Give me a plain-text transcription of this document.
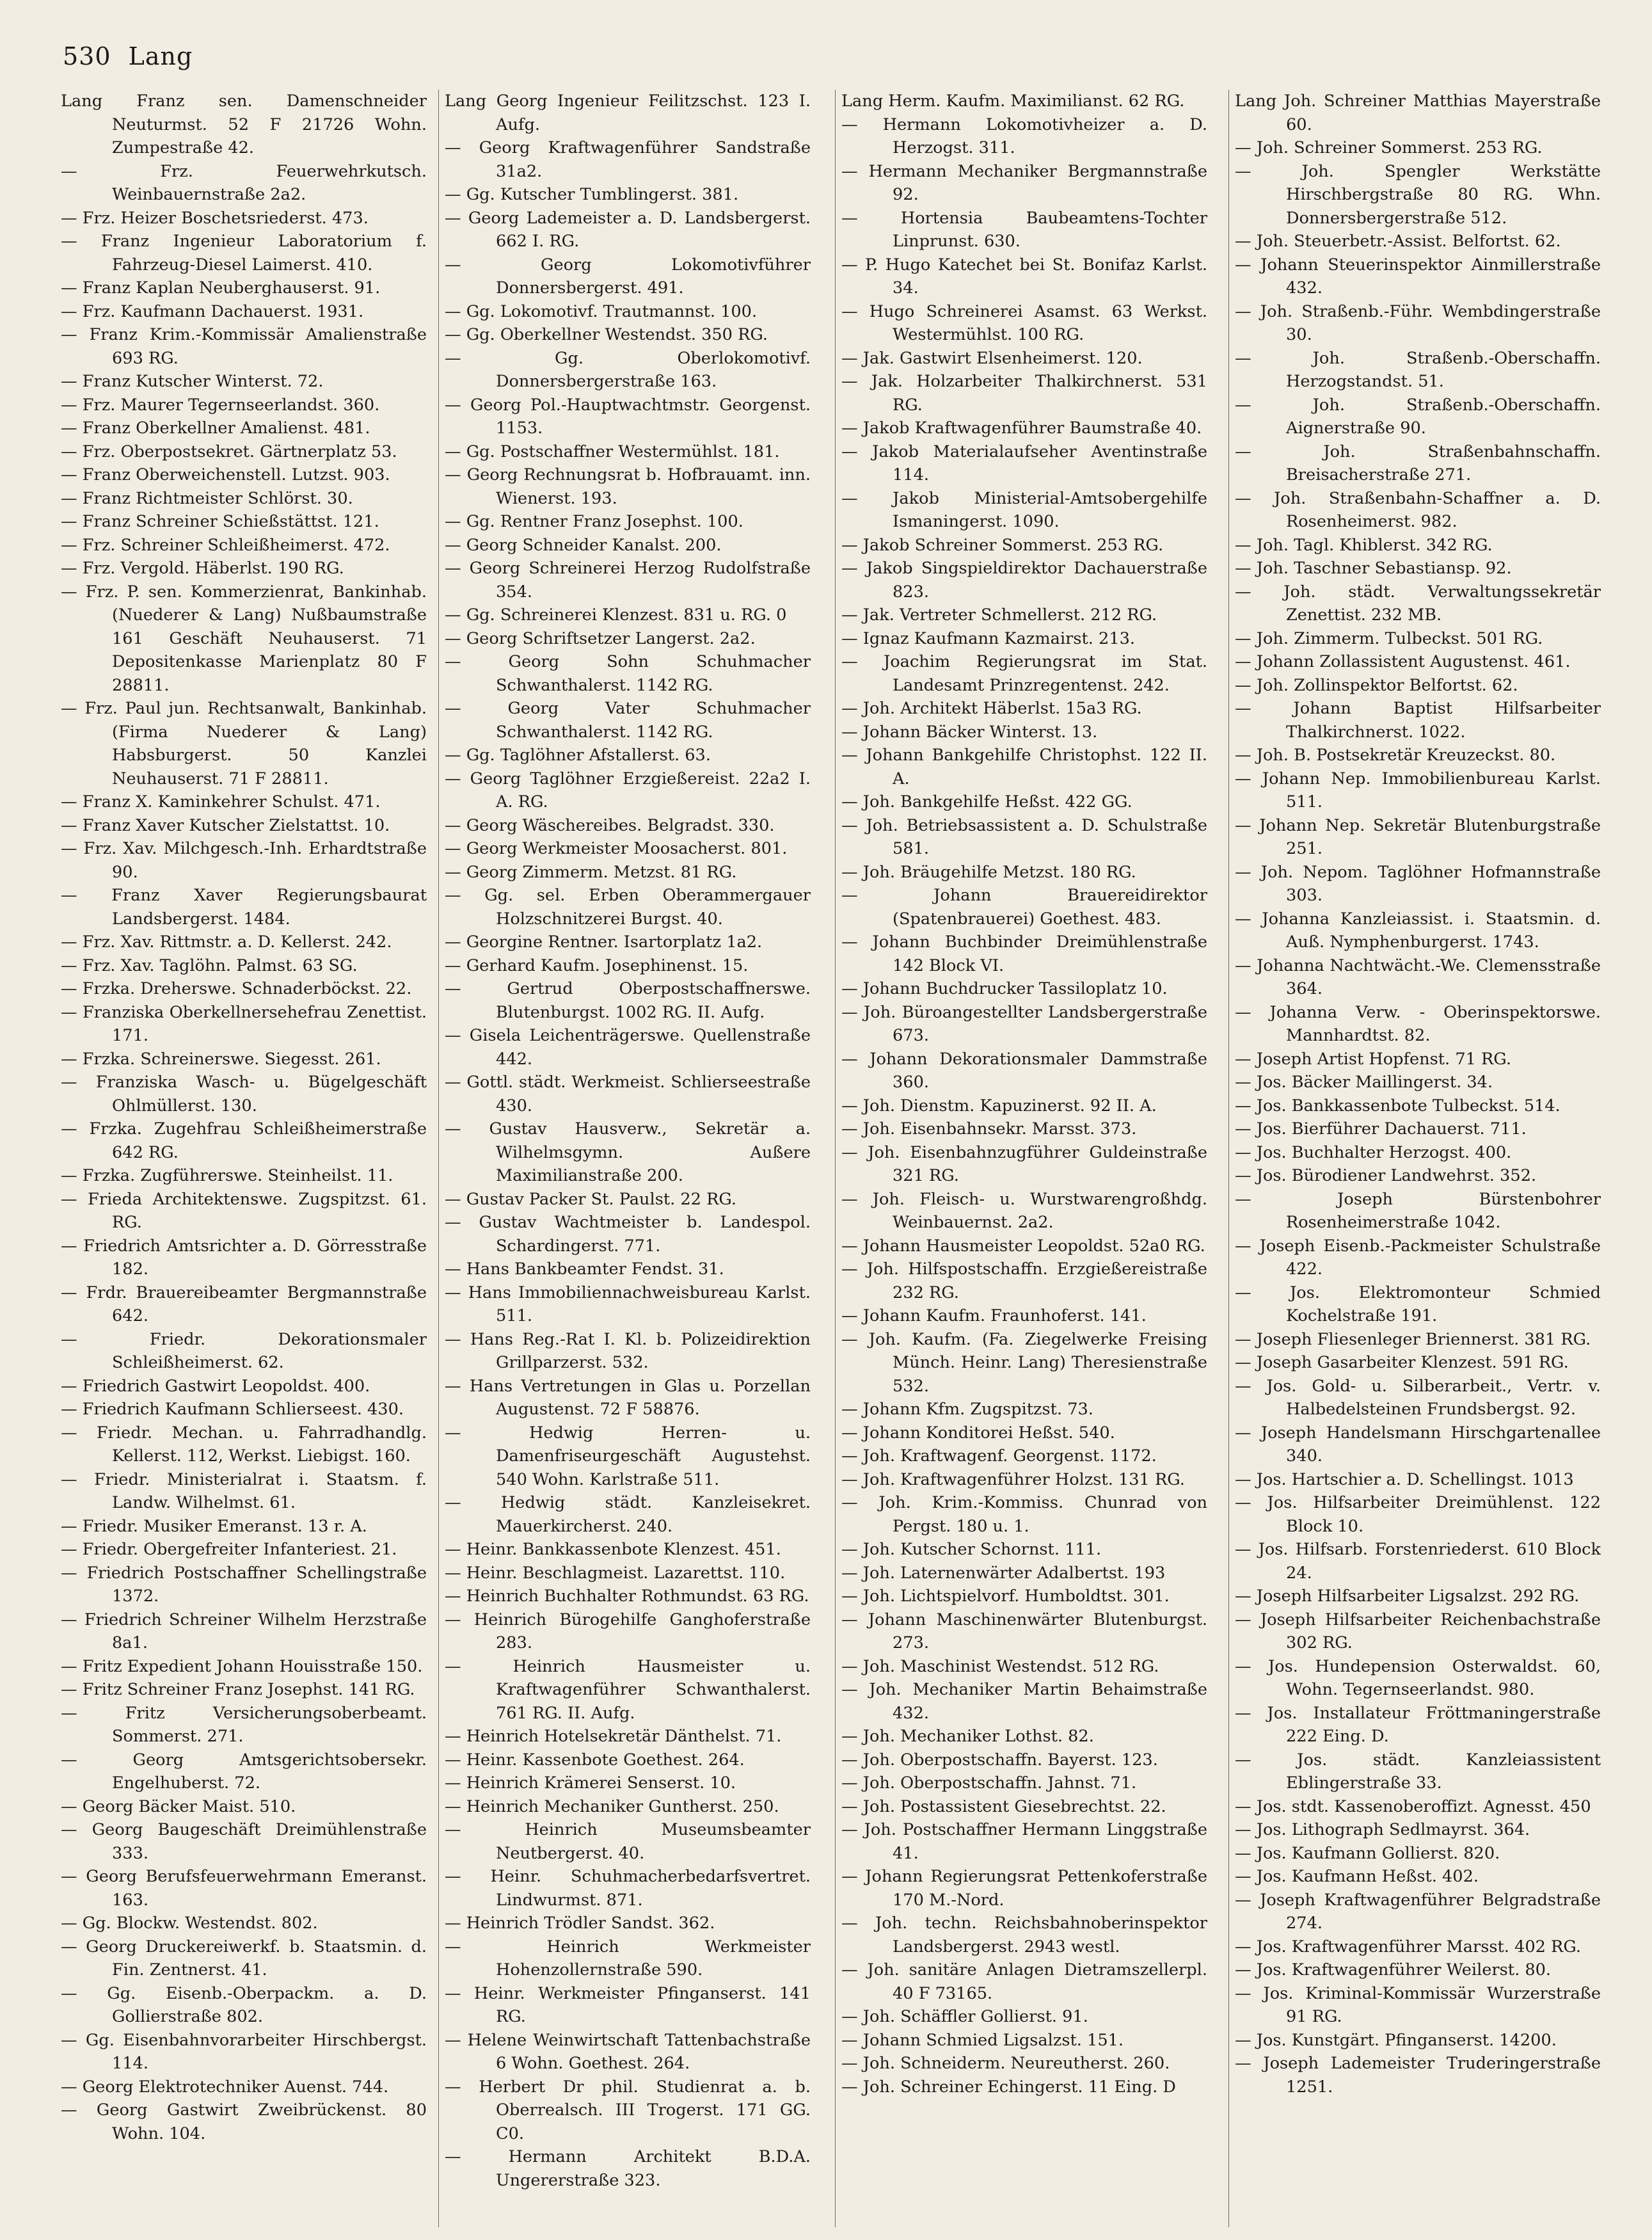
530 Lang
Lang Franz sen. Damenschneider Neuturmst. 52 F 21726 Wohn. Zumpestraße 42.
— Frz. Feuerwehrkutsch. Weinbauernstraße 2a2.
— Frz. Heizer Boschetsriederst. 473.
— Franz Ingenieur Laboratorium f. Fahrzeug-Diesel Laimerst. 410.
— Franz Kaplan Neuberghauserst. 91.
— Frz. Kaufmann Dachauerst. 1931.
— Franz Krim.-Kommissär Amalienstraße 693 RG.
— Franz Kutscher Winterst. 72.
— Frz. Maurer Tegernseerlandst. 360.
— Franz Oberkellner Amalienst. 481.
— Frz. Oberpostsekret. Gärtnerplatz 53.
— Franz Oberweichenstell. Lutzst. 903.
— Franz Richtmeister Schlörst. 30.
— Franz Schreiner Schießstättst. 121.
— Frz. Schreiner Schleißheimerst. 472.
— Frz. Vergold. Häberlst. 190 RG.
— Frz. P. sen. Kommerzienrat, Bankinhab. (Nuederer & Lang) Nußbaumstraße 161 Geschäft Neuhauserst. 71 Depositenkasse Marienplatz 80 F 28811.
— Frz. Paul jun. Rechtsanwalt, Bankinhab. (Firma Nuederer & Lang) Habsburgerst. 50 Kanzlei Neuhauserst. 71 F 28811.
— Franz X. Kaminkehrer Schulst. 471.
— Franz Xaver Kutscher Zielstattst. 10.
— Frz. Xav. Milchgesch.-Inh. Erhardtstraße 90.
— Franz Xaver Regierungsbaurat Landsbergerst. 1484.
— Frz. Xav. Rittmstr. a. D. Kellerst. 242.
— Frz. Xav. Taglöhn. Palmst. 63 SG.
— Frzka. Dreherswe. Schnaderböckst. 22.
— Franziska Oberkellnersehefrau Zenettist. 171.
— Frzka. Schreinerswe. Siegesst. 261.
— Franziska Wasch- u. Bügelgeschäft Ohlmüllerst. 130.
— Frzka. Zugehfrau Schleißheimerstraße 642 RG.
— Frzka. Zugführerswe. Steinheilst. 11.
— Frieda Architektenswe. Zugspitzst. 61. RG.
— Friedrich Amtsrichter a. D. Görresstraße 182.
— Frdr. Brauereibeamter Bergmannstraße 642.
— Friedr. Dekorationsmaler Schleißheimerst. 62.
— Friedrich Gastwirt Leopoldst. 400.
— Friedrich Kaufmann Schlierseest. 430.
— Friedr. Mechan. u. Fahrradhandlg. Kellerst. 112, Werkst. Liebigst. 160.
— Friedr. Ministerialrat i. Staatsm. f. Landw. Wilhelmst. 61.
— Friedr. Musiker Emeranst. 13 r. A.
— Friedr. Obergefreiter Infanteriest. 21.
— Friedrich Postschaffner Schellingstraße 1372.
— Friedrich Schreiner Wilhelm Herzstraße 8a1.
— Fritz Expedient Johann Houisstraße 150.
— Fritz Schreiner Franz Josephst. 141 RG.
— Fritz Versicherungsoberbeamt. Sommerst. 271.
— Georg Amtsgerichtsobersekr. Engelhuberst. 72.
— Georg Bäcker Maist. 510.
— Georg Baugeschäft Dreimühlenstraße 333.
— Georg Berufsfeuerwehrmann Emeranst. 163.
— Gg. Blockw. Westendst. 802.
— Georg Druckereiwerkf. b. Staatsmin. d. Fin. Zentnerst. 41.
— Gg. Eisenb.-Oberpackm. a. D. Gollierstraße 802.
— Gg. Eisenbahnvorarbeiter Hirschbergst. 114.
— Georg Elektrotechniker Auenst. 744.
— Georg Gastwirt Zweibrückenst. 80 Wohn. 104.
Lang Georg Ingenieur Feilitzschst. 123 I. Aufg.
— Georg Kraftwagenführer Sandstraße 31a2.
— Gg. Kutscher Tumblingerst. 381.
— Georg Lademeister a. D. Landsbergerst. 662 I. RG.
— Georg Lokomotivführer Donnersbergerst. 491.
— Gg. Lokomotivf. Trautmannst. 100.
— Gg. Oberkellner Westendst. 350 RG.
— Gg. Oberlokomotivf. Donnersbergerstraße 163.
— Georg Pol.-Hauptwachtmstr. Georgenst. 1153.
— Gg. Postschaffner Westermühlst. 181.
— Georg Rechnungsrat b. Hofbrauamt. inn. Wienerst. 193.
— Gg. Rentner Franz Josephst. 100.
— Georg Schneider Kanalst. 200.
— Georg Schreinerei Herzog Rudolfstraße 354.
— Gg. Schreinerei Klenzest. 831 u. RG. 0
— Georg Schriftsetzer Langerst. 2a2.
— Georg Sohn Schuhmacher Schwanthalerst. 1142 RG.
— Georg Vater Schuhmacher Schwanthalerst. 1142 RG.
— Gg. Taglöhner Afstallerst. 63.
— Georg Taglöhner Erzgießereist. 22a2 I. A. RG.
— Georg Wäschereibes. Belgradst. 330.
— Georg Werkmeister Moosacherst. 801.
— Georg Zimmerm. Metzst. 81 RG.
— Gg. sel. Erben Oberammergauer Holzschnitzerei Burgst. 40.
— Georgine Rentner. Isartorplatz 1a2.
— Gerhard Kaufm. Josephinenst. 15.
— Gertrud Oberpostschaffnerswe. Blutenburgst. 1002 RG. II. Aufg.
— Gisela Leichenträgerswe. Quellenstraße 442.
— Gottl. städt. Werkmeist. Schlierseestraße 430.
— Gustav Hausverw., Sekretär a. Wilhelmsgymn. Außere Maximilianstraße 200.
— Gustav Packer St. Paulst. 22 RG.
— Gustav Wachtmeister b. Landespol. Schardingerst. 771.
— Hans Bankbeamter Fendst. 31.
— Hans Immobiliennachweisbureau Karlst. 511.
— Hans Reg.-Rat I. Kl. b. Polizeidirektion Grillparzerst. 532.
— Hans Vertretungen in Glas u. Porzellan Augustenst. 72 F 58876.
— Hedwig Herren- u. Damenfriseurgeschäft Augustehst. 540 Wohn. Karlstraße 511.
— Hedwig städt. Kanzleisekret. Mauerkircherst. 240.
— Heinr. Bankkassenbote Klenzest. 451.
— Heinr. Beschlagmeist. Lazarettst. 110.
— Heinrich Buchhalter Rothmundst. 63 RG.
— Heinrich Bürogehilfe Ganghoferstraße 283.
— Heinrich Hausmeister u. Kraftwagenführer Schwanthalerst. 761 RG. II. Aufg.
— Heinrich Hotelsekretär Dänthelst. 71.
— Heinr. Kassenbote Goethest. 264.
— Heinrich Krämerei Senserst. 10.
— Heinrich Mechaniker Guntherst. 250.
— Heinrich Museumsbeamter Neutbergerst. 40.
— Heinr. Schuhmacherbedarfsvertret. Lindwurmst. 871.
— Heinrich Trödler Sandst. 362.
— Heinrich Werkmeister Hohenzollernstraße 590.
— Heinr. Werkmeister Pfinganserst. 141 RG.
— Helene Weinwirtschaft Tattenbachstraße 6 Wohn. Goethest. 264.
— Herbert Dr phil. Studienrat a. b. Oberrealsch. III Trogerst. 171 GG. C0.
— Hermann Architekt B.D.A. Ungererstraße 323.
Lang Herm. Kaufm. Maximilianst. 62 RG.
— Hermann Lokomotivheizer a. D. Herzogst. 311.
— Hermann Mechaniker Bergmannstraße 92.
— Hortensia Baubeamtens-Tochter Linprunst. 630.
— P. Hugo Katechet bei St. Bonifaz Karlst. 34.
— Hugo Schreinerei Asamst. 63 Werkst. Westermühlst. 100 RG.
— Jak. Gastwirt Elsenheimerst. 120.
— Jak. Holzarbeiter Thalkirchnerst. 531 RG.
— Jakob Kraftwagenführer Baumstraße 40.
— Jakob Materialaufseher Aventinstraße 114.
— Jakob Ministerial-Amtsobergehilfe Ismaningerst. 1090.
— Jakob Schreiner Sommerst. 253 RG.
— Jakob Singspieldirektor Dachauerstraße 823.
— Jak. Vertreter Schmellerst. 212 RG.
— Ignaz Kaufmann Kazmairst. 213.
— Joachim Regierungsrat im Stat. Landesamt Prinzregentenst. 242.
— Joh. Architekt Häberlst. 15a3 RG.
— Johann Bäcker Winterst. 13.
— Johann Bankgehilfe Christophst. 122 II. A.
— Joh. Bankgehilfe Heßst. 422 GG.
— Joh. Betriebsassistent a. D. Schulstraße 581.
— Joh. Bräugehilfe Metzst. 180 RG.
— Johann Brauereidirektor (Spatenbrauerei) Goethest. 483.
— Johann Buchbinder Dreimühlenstraße 142 Block VI.
— Johann Buchdrucker Tassiloplatz 10.
— Joh. Büroangestellter Landsbergerstraße 673.
— Johann Dekorationsmaler Dammstraße 360.
— Joh. Dienstm. Kapuzinerst. 92 II. A.
— Joh. Eisenbahnsekr. Marsst. 373.
— Joh. Eisenbahnzugführer Guldeinstraße 321 RG.
— Joh. Fleisch- u. Wurstwarengroßhdg. Weinbauernst. 2a2.
— Johann Hausmeister Leopoldst. 52a0 RG.
— Joh. Hilfspostschaffn. Erzgießereistraße 232 RG.
— Johann Kaufm. Fraunhoferst. 141.
— Joh. Kaufm. (Fa. Ziegelwerke Freising Münch. Heinr. Lang) Theresienstraße 532.
— Johann Kfm. Zugspitzst. 73.
— Johann Konditorei Heßst. 540.
— Joh. Kraftwagenf. Georgenst. 1172.
— Joh. Kraftwagenführer Holzst. 131 RG.
— Joh. Krim.-Kommiss. Chunrad von Pergst. 180 u. 1.
— Joh. Kutscher Schornst. 111.
— Joh. Laternenwärter Adalbertst. 193
— Joh. Lichtspielvorf. Humboldtst. 301.
— Johann Maschinenwärter Blutenburgst. 273.
— Joh. Maschinist Westendst. 512 RG.
— Joh. Mechaniker Martin Behaimstraße 432.
— Joh. Mechaniker Lothst. 82.
— Joh. Oberpostschaffn. Bayerst. 123.
— Joh. Oberpostschaffn. Jahnst. 71.
— Joh. Postassistent Giesebrechtst. 22.
— Joh. Postschaffner Hermann Linggstraße 41.
— Johann Regierungsrat Pettenkoferstraße 170 M.-Nord.
— Joh. techn. Reichsbahnoberinspektor Landsbergerst. 2943 westl.
— Joh. sanitäre Anlagen Dietramszellerpl. 40 F 73165.
— Joh. Schäffler Gollierst. 91.
— Johann Schmied Ligsalzst. 151.
— Joh. Schneiderm. Neureutherst. 260.
— Joh. Schreiner Echingerst. 11 Eing. D
Lang Joh. Schreiner Matthias Mayerstraße 60.
— Joh. Schreiner Sommerst. 253 RG.
— Joh. Spengler Werkstätte Hirschbergstraße 80 RG. Whn. Donnersbergerstraße 512.
— Joh. Steuerbetr.-Assist. Belfortst. 62.
— Johann Steuerinspektor Ainmillerstraße 432.
— Joh. Straßenb.-Führ. Wembdingerstraße 30.
— Joh. Straßenb.-Oberschaffn. Herzogstandst. 51.
— Joh. Straßenb.-Oberschaffn. Aignerstraße 90.
— Joh. Straßenbahnschaffn. Breisacherstraße 271.
— Joh. Straßenbahn-Schaffner a. D. Rosenheimerst. 982.
— Joh. Tagl. Khiblerst. 342 RG.
— Joh. Taschner Sebastiansp. 92.
— Joh. städt. Verwaltungssekretär Zenettist. 232 MB.
— Joh. Zimmerm. Tulbeckst. 501 RG.
— Johann Zollassistent Augustenst. 461.
— Joh. Zollinspektor Belfortst. 62.
— Johann Baptist Hilfsarbeiter Thalkirchnerst. 1022.
— Joh. B. Postsekretär Kreuzeckst. 80.
— Johann Nep. Immobilienbureau Karlst. 511.
— Johann Nep. Sekretär Blutenburgstraße 251.
— Joh. Nepom. Taglöhner Hofmannstraße 303.
— Johanna Kanzleiassist. i. Staatsmin. d. Auß. Nymphenburgerst. 1743.
— Johanna Nachtwächt.-We. Clemensstraße 364.
— Johanna Verw. - Oberinspektorswe. Mannhardtst. 82.
— Joseph Artist Hopfenst. 71 RG.
— Jos. Bäcker Maillingerst. 34.
— Jos. Bankkassenbote Tulbeckst. 514.
— Jos. Bierführer Dachauerst. 711.
— Jos. Buchhalter Herzogst. 400.
— Jos. Bürodiener Landwehrst. 352.
— Joseph Bürstenbohrer Rosenheimerstraße 1042.
— Joseph Eisenb.-Packmeister Schulstraße 422.
— Jos. Elektromonteur Schmied Kochelstraße 191.
— Joseph Fliesenleger Briennerst. 381 RG.
— Joseph Gasarbeiter Klenzest. 591 RG.
— Jos. Gold- u. Silberarbeit., Vertr. v. Halbedelsteinen Frundsbergst. 92.
— Joseph Handelsmann Hirschgartenallee 340.
— Jos. Hartschier a. D. Schellingst. 1013
— Jos. Hilfsarbeiter Dreimühlenst. 122 Block 10.
— Jos. Hilfsarb. Forstenriederst. 610 Block 24.
— Joseph Hilfsarbeiter Ligsalzst. 292 RG.
— Joseph Hilfsarbeiter Reichenbachstraße 302 RG.
— Jos. Hundepension Osterwaldst. 60, Wohn. Tegernseerlandst. 980.
— Jos. Installateur Fröttmaningerstraße 222 Eing. D.
— Jos. städt. Kanzleiassistent Eblingerstraße 33.
— Jos. stdt. Kassenoberoffizt. Agnesst. 450
— Jos. Lithograph Sedlmayrst. 364.
— Jos. Kaufmann Gollierst. 820.
— Jos. Kaufmann Heßst. 402.
— Joseph Kraftwagenführer Belgradstraße 274.
— Jos. Kraftwagenführer Marsst. 402 RG.
— Jos. Kraftwagenführer Weilerst. 80.
— Jos. Kriminal-Kommissär Wurzerstraße 91 RG.
— Jos. Kunstgärt. Pfinganserst. 14200.
— Joseph Lademeister Truderingerstraße 1251.
